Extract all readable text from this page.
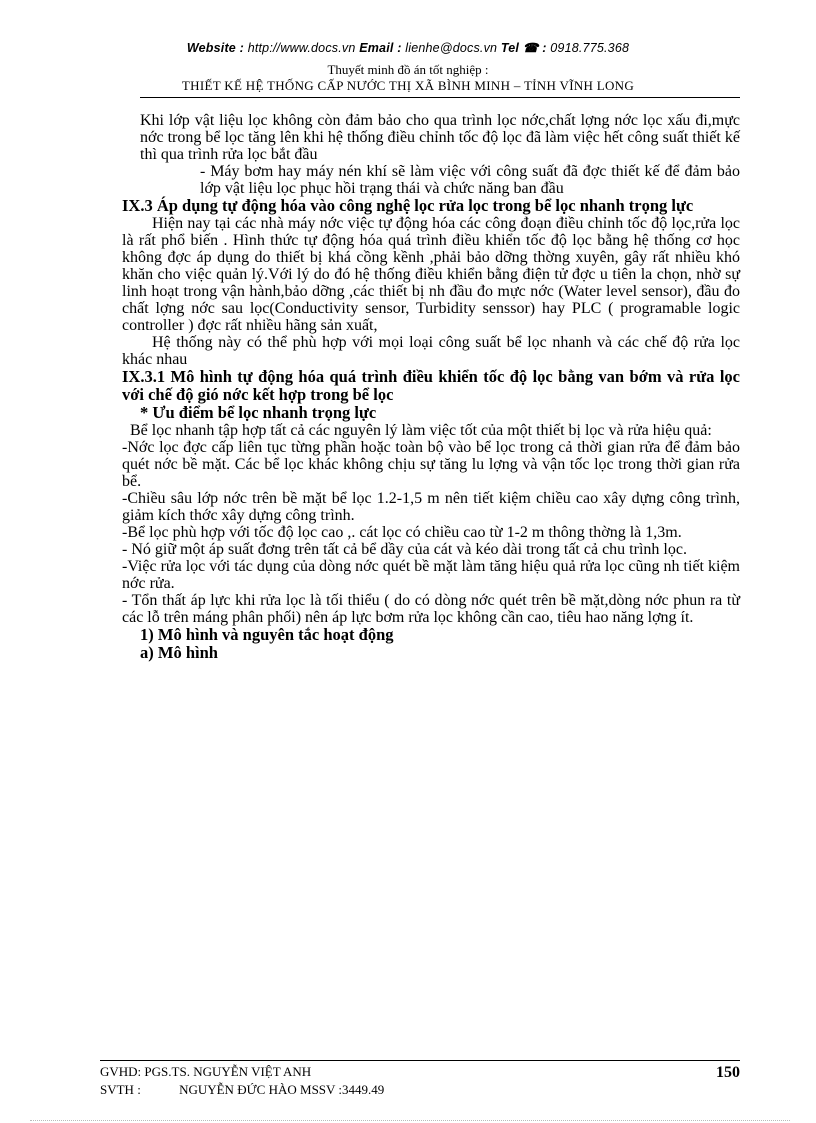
Website : http://www.docs.vn Email : lienhe@docs.vn Tel ☎ : 0918.775.368
Thuyết minh đồ án tốt nghiệp :
THIẾT KẾ HỆ THỐNG CẤP NƯỚC THỊ XÃ BÌNH MINH – TỈNH VĨNH LONG

Khi lớp vật liệu lọc không còn đảm bảo cho qua trình lọc nớc,chất lợng nớc lọc xấu đi,mực nớc trong bể lọc tăng lên khi hệ thống điều chỉnh tốc độ lọc đã làm việc hết công suất thiết kế thì qua trình rửa lọc bắt đầu

- Máy bơm hay máy nén khí sẽ làm việc với công suất đã đợc thiết kế để đảm bảo lớp vật liệu lọc phục hồi trạng thái và chức năng ban đầu

IX.3 Áp dụng tự động hóa vào công nghệ lọc rửa lọc trong bể lọc nhanh trọng lực

Hiện nay tại các nhà máy nớc việc tự động hóa các công đoạn điều chỉnh tốc độ lọc,rửa lọc là rất phổ biến . Hình thức tự động hóa quá trình điều khiển tốc độ lọc bằng hệ thống cơ học không đợc áp dụng do thiết bị khá cồng kềnh ,phải bảo dỡng thờng xuyên, gây rất nhiều khó khăn cho việc quản lý.Với lý do đó hệ thống điều khiển bằng điện tử đợc u tiên la chọn, nhờ sự linh hoạt trong vận hành,bảo dỡng ,các thiết bị nh đầu đo mực nớc (Water level sensor), đầu đo chất lợng nớc sau lọc(Conductivity sensor, Turbidity senssor) hay PLC ( programable logic controller ) đợc rất nhiều hãng sản xuất,

Hệ thống này có thể phù hợp với mọi loại công suất bể lọc nhanh và các chế độ rửa lọc khác nhau

IX.3.1 Mô hình tự động hóa quá trình điều khiển tốc độ lọc bằng van bớm và rửa lọc với chế độ gió nớc kết hợp trong bể lọc

* Ưu điểm bể lọc nhanh trọng lực

Bể lọc nhanh tập hợp tất cả các nguyên lý làm việc tốt của một thiết bị lọc và rửa hiệu quả:

-Nớc lọc đợc cấp liên tục từng phần hoặc toàn bộ vào bể lọc trong cả thời gian rửa để đảm bảo quét nớc bề mặt. Các bể lọc khác không chịu sự tăng lu lợng và vận tốc lọc trong thời gian rửa bể.

-Chiều sâu lớp nớc trên bề mặt bể lọc 1.2-1,5 m nên tiết kiệm chiều cao xây dựng công trình, giảm kích thớc xây dựng công trình.

-Bể lọc phù hợp với tốc độ lọc cao ,. cát lọc có chiều cao từ 1-2 m thông thờng là 1,3m.

- Nó giữ một áp suất đơng trên tất cả bể dầy của cát và kéo dài trong tất cả chu trình lọc.

-Việc rửa lọc với tác dụng của dòng nớc quét bề mặt làm tăng hiệu quả rửa lọc cũng nh tiết kiệm nớc rửa.

- Tổn thất áp lực khi rửa lọc là tối thiểu ( do có dòng nớc quét trên bề mặt,dòng nớc phun ra từ các lỗ trên máng phân phối) nên áp lực bơm rửa lọc không cần cao, tiêu hao năng lợng ít.

1) Mô hình và nguyên tắc hoạt động

a) Mô hình

GVHD: PGS.TS. NGUYỄN VIỆT ANH	150
SVTH :	NGUYỄN ĐỨC HÀO MSSV :3449.49
